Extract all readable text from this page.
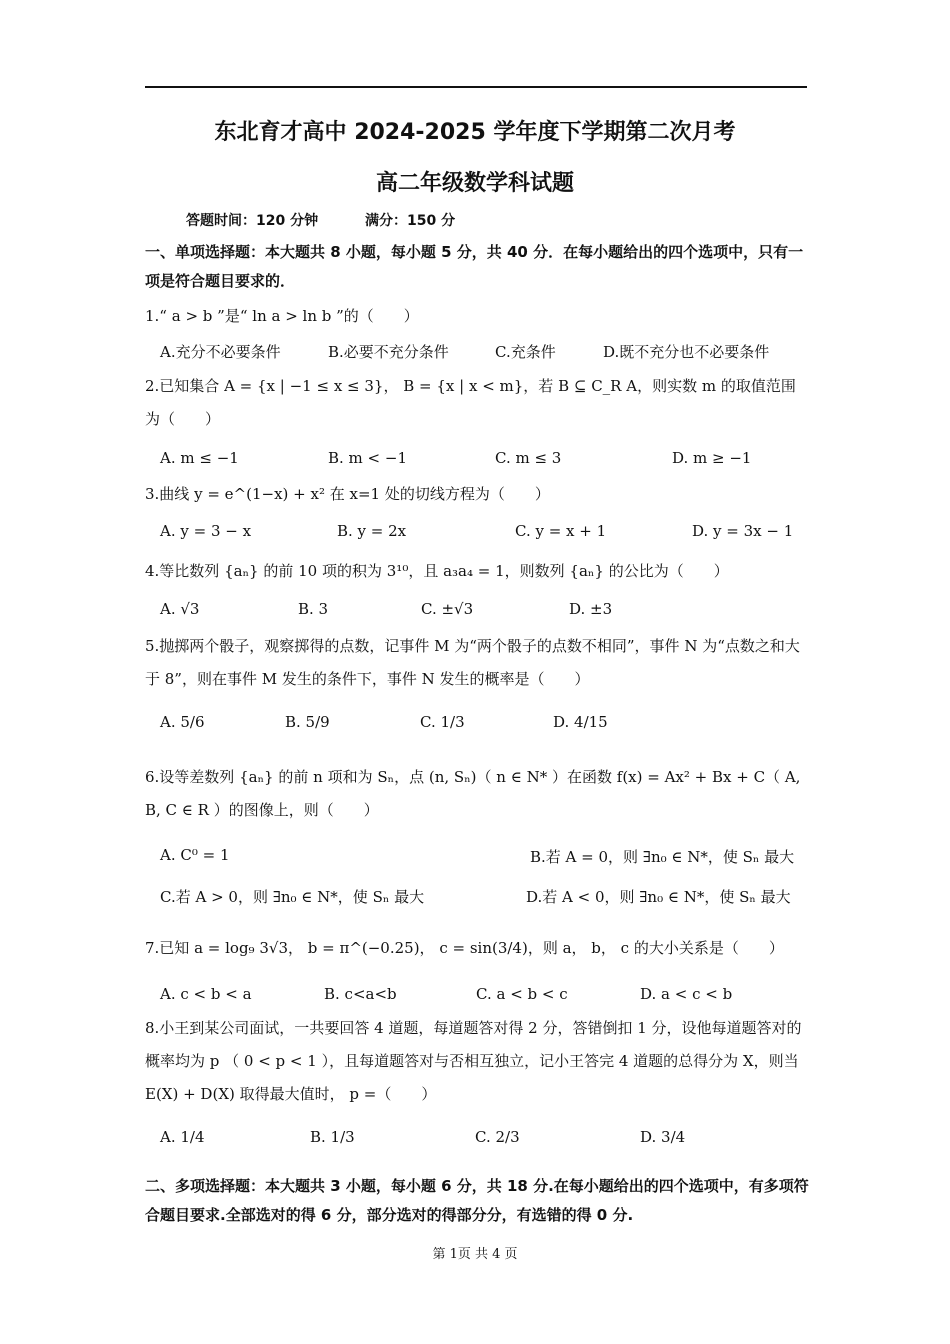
东北育才高中 2024-2025 学年度下学期第二次月考
高二年级数学科试题
答题时间：120 分钟	满分：150 分
一、单项选择题：本大题共 8 小题，每小题 5 分，共 40 分．在每小题给出的四个选项中，只有一项是符合题目要求的．
1.“ a > b ”是“ ln a > ln b ”的（　　）
A.充分不必要条件	B.必要不充分条件	C.充条件	D.既不充分也不必要条件
2.已知集合 A = {x | −1 ≤ x ≤ 3}， B = {x | x < m}，若 B ⊆ C_R A，则实数 m 的取值范围为（　　）
A. m ≤ −1	B. m < −1	C. m ≤ 3	D. m ≥ −1
3.曲线 y = e^(1−x) + x² 在 x=1 处的切线方程为（　　）
A. y = 3 − x	B. y = 2x	C. y = x + 1	D. y = 3x − 1
4.等比数列 {aₙ} 的前 10 项的积为 3¹⁰，且 a₃a₄ = 1，则数列 {aₙ} 的公比为（　　）
A. √3	B. 3	C. ±√3	D. ±3
5.抛掷两个骰子，观察掷得的点数，记事件 M 为“两个骰子的点数不相同”，事件 N 为“点数之和大于 8”，则在事件 M 发生的条件下，事件 N 发生的概率是（　　）
A. 5/6	B. 5/9	C. 1/3	D. 4/15
6.设等差数列 {aₙ} 的前 n 项和为 Sₙ，点 (n, Sₙ)（ n ∈ N* ）在函数 f(x) = Ax² + Bx + C（ A, B, C ∈ R ）的图像上，则（　　）
A. C⁰ = 1	B.若 A = 0，则 ∃n₀ ∈ N*，使 Sₙ 最大
C.若 A > 0，则 ∃n₀ ∈ N*，使 Sₙ 最大	D.若 A < 0，则 ∃n₀ ∈ N*，使 Sₙ 最大
7.已知 a = log₉ 3√3， b = π^(−0.25)， c = sin(3/4)，则 a， b， c 的大小关系是（　　）
A. c < b < a	B. c<a<b	C. a < b < c	D. a < c < b
8.小王到某公司面试，一共要回答 4 道题，每道题答对得 2 分，答错倒扣 1 分，设他每道题答对的概率均为 p （ 0 < p < 1 ），且每道题答对与否相互独立，记小王答完 4 道题的总得分为 X，则当 E(X) + D(X) 取得最大值时， p =（　　）
A. 1/4	B. 1/3	C. 2/3	D. 3/4
二、多项选择题：本大题共 3 小题，每小题 6 分，共 18 分.在每小题给出的四个选项中，有多项符合题目要求.全部选对的得 6 分，部分选对的得部分分，有选错的得 0 分.
第 1页 共 4 页
